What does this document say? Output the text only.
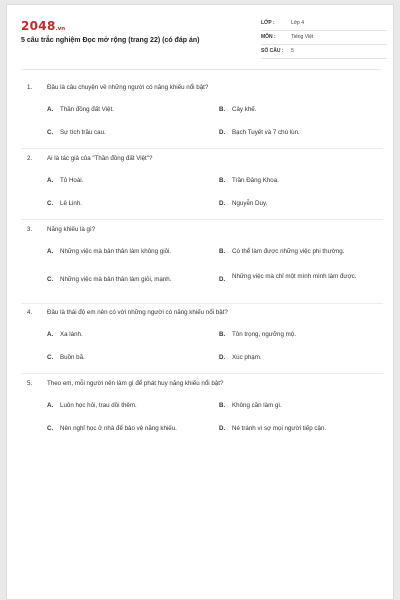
2048.vn
5 câu trắc nghiệm Đọc mở rộng (trang 22) (có đáp án)
LỚP :	Lớp 4
MÔN :	Tiếng Việt
SỐ CÂU : 5
1. Đâu là câu chuyện về những người có năng khiếu nổi bật?
A. Thần đồng đất Việt.	B. Cây khế.
C. Sự tích trầu cau.	D. Bạch Tuyết và 7 chú lùn.
2. Ai là tác giả của "Thần đồng đất Việt"?
A. Tô Hoài.	B. Trần Đăng Khoa.
C. Lê Linh.	D. Nguyễn Duy.
3. Năng khiếu là gì?
A. Những việc mà bản thân làm không giỏi.	B. Có thể làm được những việc phi thường.
C. Những việc mà bản thân làm giỏi, mạnh.	D. Những việc mà chỉ một mình mình làm được.
4. Đâu là thái độ em nên có với những người có năng khiếu nổi bật?
A. Xa lánh.	B. Tôn trọng, ngưỡng mộ.
C. Buồn bã.	D. Xúc phạm.
5. Theo em, mỗi người nên làm gì để phát huy năng khiếu nổi bật?
A. Luôn học hỏi, trau dồi thêm.	B. Không cần làm gì.
C. Nên nghỉ học ở nhà để bảo vệ năng khiếu.	D. Né tránh vì sợ mọi người tiếp cận.
